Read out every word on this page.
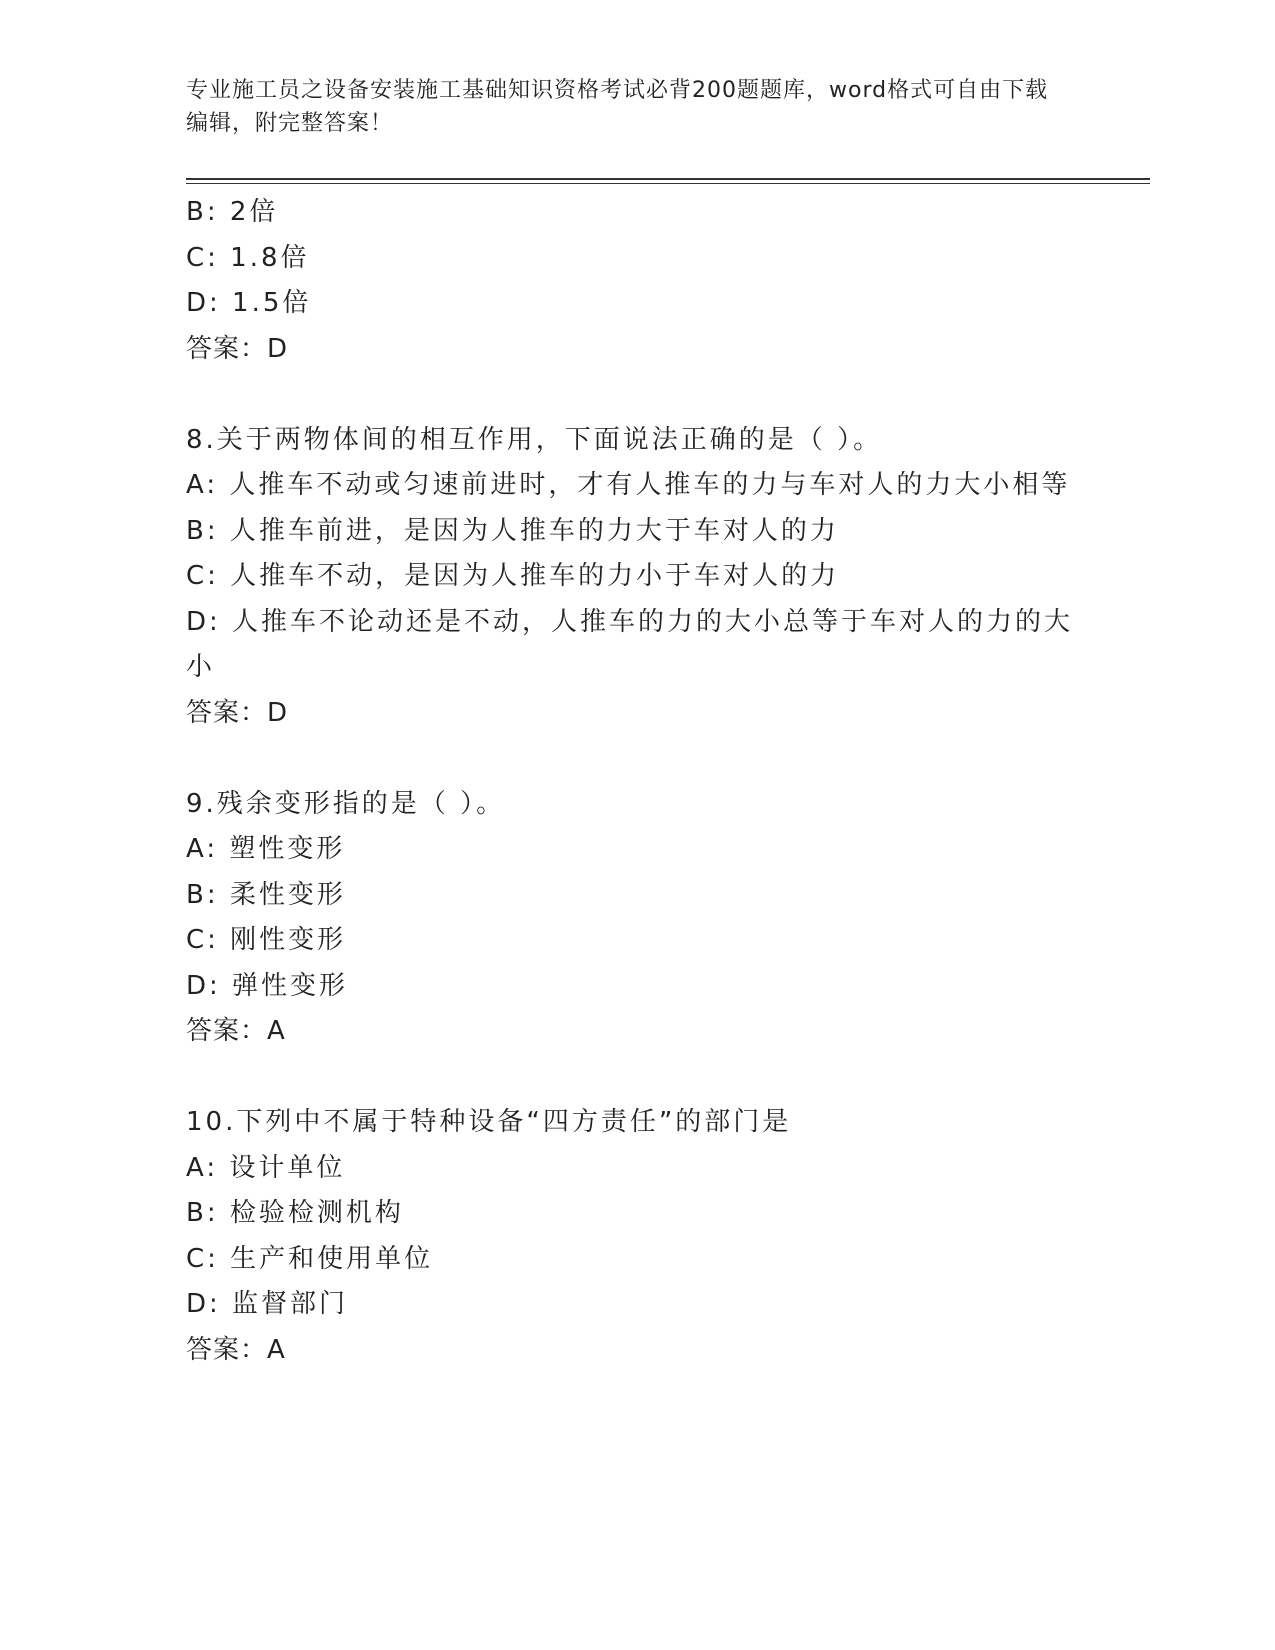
专业施工员之设备安装施工基础知识资格考试必背200题题库，word格式可自由下载编辑，附完整答案！
B: 2倍
C: 1.8倍
D: 1.5倍
答案：D
8.关于两物体间的相互作用，下面说法正确的是（ ）。
A: 人推车不动或匀速前进时，才有人推车的力与车对人的力大小相等
B: 人推车前进，是因为人推车的力大于车对人的力
C: 人推车不动，是因为人推车的力小于车对人的力
D: 人推车不论动还是不动，人推车的力的大小总等于车对人的力的大小
答案：D
9.残余变形指的是（ ）。
A: 塑性变形
B: 柔性变形
C: 刚性变形
D: 弹性变形
答案：A
10.下列中不属于特种设备“四方责任”的部门是
A: 设计单位
B: 检验检测机构
C: 生产和使用单位
D: 监督部门
答案：A
